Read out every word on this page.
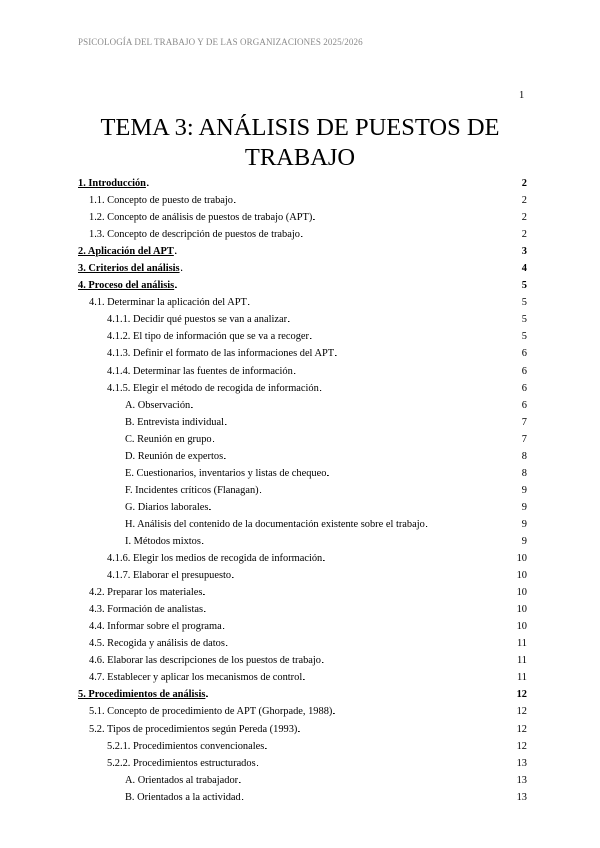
PSICOLOGÍA DEL TRABAJO Y DE LAS ORGANIZACIONES 2025/2026
1
TEMA 3: ANÁLISIS DE PUESTOS DE TRABAJO
1. Introducción . . .	2
1.1. Concepto de puesto de trabajo . . .	2
1.2. Concepto de análisis de puestos de trabajo (APT) . . .	2
1.3. Concepto de descripción de puestos de trabajo . . .	2
2. Aplicación del APT . . .	3
3. Criterios del análisis . . .	4
4. Proceso del análisis . . .	5
4.1. Determinar la aplicación del APT . . .	5
4.1.1. Decidir qué puestos se van a analizar . . .	5
4.1.2. El tipo de información que se va a recoger . . .	5
4.1.3. Definir el formato de las informaciones del APT . . .	6
4.1.4. Determinar las fuentes de información . . .	6
4.1.5. Elegir el método de recogida de información . . .	6
A. Observación . . .	6
B. Entrevista individual . . .	7
C. Reunión en grupo . . .	7
D. Reunión de expertos . . .	8
E. Cuestionarios, inventarios y listas de chequeo . . .	8
F. Incidentes críticos (Flanagan) . . .	9
G. Diarios laborales . . .	9
H. Análisis del contenido de la documentación existente sobre el trabajo . . .	9
I. Métodos mixtos . . .	9
4.1.6. Elegir los medios de recogida de información . . .	10
4.1.7. Elaborar el presupuesto . . .	10
4.2. Preparar los materiales . . .	10
4.3. Formación de analistas . . .	10
4.4. Informar sobre el programa . . .	10
4.5. Recogida y análisis de datos . . .	11
4.6. Elaborar las descripciones de los puestos de trabajo . . .	11
4.7. Establecer y aplicar los mecanismos de control . . .	11
5. Procedimientos de análisis . . .	12
5.1. Concepto de procedimiento de APT (Ghorpade, 1988) . . .	12
5.2. Tipos de procedimientos según Pereda (1993) . . .	12
5.2.1. Procedimientos convencionales . . .	12
5.2.2. Procedimientos estructurados . . .	13
A. Orientados al trabajador . . .	13
B. Orientados a la actividad . . .	13
